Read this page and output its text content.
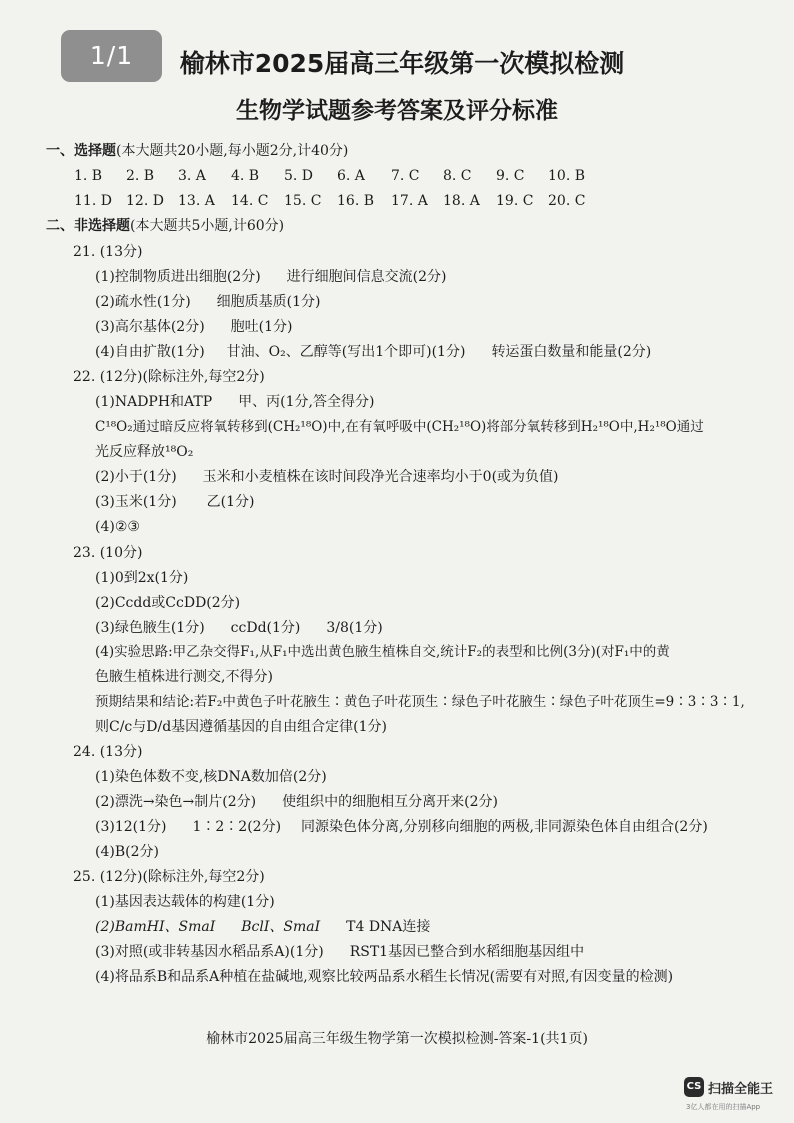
1/1	榆林市2025届高三年级第一次模拟检测
生物学试题参考答案及评分标准
一、选择题(本大题共20小题,每小题2分,计40分)
1. B 2. B 3. A 4. B 5. D 6. A 7. C 8. C 9. C 10. B
11. D 12. D 13. A 14. C 15. C 16. B 17. A 18. A 19. C 20. C
二、非选择题(本大题共5小题,计60分)
21. (13分)
(1)控制物质进出细胞(2分) 进行细胞间信息交流(2分)
(2)疏水性(1分) 细胞质基质(1分)
(3)高尔基体(2分) 胞吐(1分)
(4)自由扩散(1分) 甘油、O₂、乙醇等(写出1个即可)(1分) 转运蛋白数量和能量(2分)
22. (12分)(除标注外,每空2分)
(1)NADPH和ATP 甲、丙(1分,答全得分)
C¹⁸O₂通过暗反应将氧转移到(CH₂¹⁸O)中,在有氧呼吸中(CH₂¹⁸O)将部分氧转移到H₂¹⁸O中,H₂¹⁸O通过
光反应释放¹⁸O₂
(2)小于(1分) 玉米和小麦植株在该时间段净光合速率均小于0(或为负值)
(3)玉米(1分) 乙(1分)
(4)②③
23. (10分)
(1)0到2x(1分)
(2)Ccdd或CcDD(2分)
(3)绿色腋生(1分) ccDd(1分) 3/8(1分)
(4)实验思路:甲乙杂交得F₁,从F₁中选出黄色腋生植株自交,统计F₂的表型和比例(3分)(对F₁中的黄
色腋生植株进行测交,不得分)
预期结果和结论:若F₂中黄色子叶花腋生∶黄色子叶花顶生∶绿色子叶花腋生∶绿色子叶花顶生=9∶3∶3∶1,
则C/c与D/d基因遵循基因的自由组合定律(1分)
24. (13分)
(1)染色体数不变,核DNA数加倍(2分)
(2)漂洗→染色→制片(2分) 使组织中的细胞相互分离开来(2分)
(3)12(1分) 1∶2∶2(2分) 同源染色体分离,分别移向细胞的两极,非同源染色体自由组合(2分)
(4)B(2分)
25. (12分)(除标注外,每空2分)
(1)基因表达载体的构建(1分)
(2)BamHⅠ、SmaⅠ BclⅠ、SmaⅠ T4 DNA连接
(3)对照(或非转基因水稻品系A)(1分) RST1基因已整合到水稻细胞基因组中
(4)将品系B和品系A种植在盐碱地,观察比较两品系水稻生长情况(需要有对照,有因变量的检测)
榆林市2025届高三年级生物学第一次模拟检测-答案-1(共1页)
CS 扫描全能王
3亿人都在用的扫描App
